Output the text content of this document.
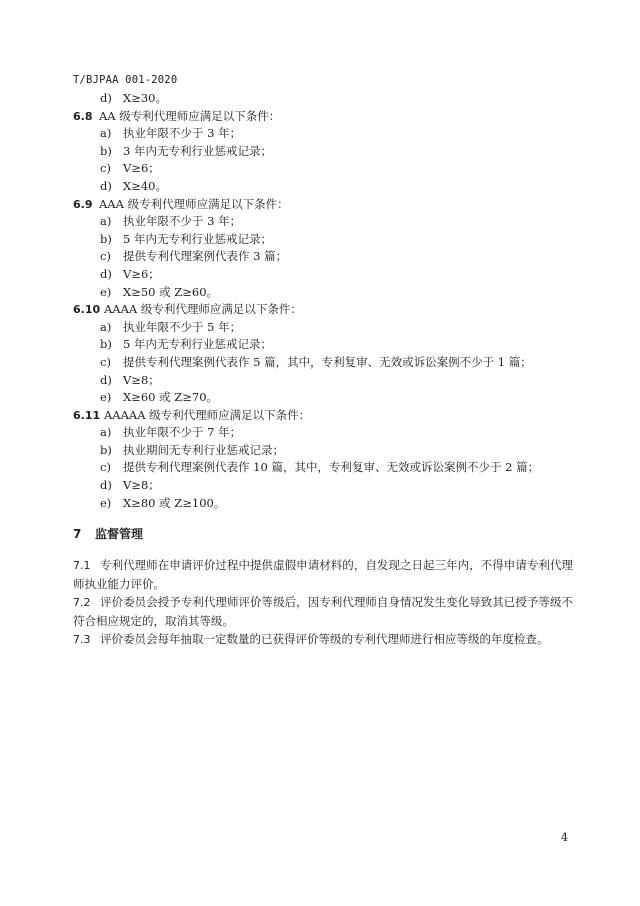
T/BJPAA 001-2020
d) X≥30。
6.8 AA 级专利代理师应满足以下条件：
a) 执业年限不少于 3 年；
b) 3 年内无专利行业惩戒记录；
c) V≥6；
d) X≥40。
6.9 AAA 级专利代理师应满足以下条件：
a) 执业年限不少于 3 年；
b) 5 年内无专利行业惩戒记录；
c) 提供专利代理案例代表作 3 篇；
d) V≥6；
e) X≥50 或 Z≥60。
6.10 AAAA 级专利代理师应满足以下条件：
a) 执业年限不少于 5 年；
b) 5 年内无专利行业惩戒记录；
c) 提供专利代理案例代表作 5 篇，其中，专利复审、无效或诉讼案例不少于 1 篇；
d) V≥8；
e) X≥60 或 Z≥70。
6.11 AAAAA 级专利代理师应满足以下条件：
a) 执业年限不少于 7 年；
b) 执业期间无专利行业惩戒记录；
c) 提供专利代理案例代表作 10 篇，其中，专利复审、无效或诉讼案例不少于 2 篇；
d) V≥8；
e) X≥80 或 Z≥100。
7 监督管理
7.1 专利代理师在申请评价过程中提供虚假申请材料的，自发现之日起三年内，不得申请专利代理师执业能力评价。
7.2 评价委员会授予专利代理师评价等级后，因专利代理师自身情况发生变化导致其已授予等级不符合相应规定的，取消其等级。
7.3 评价委员会每年抽取一定数量的已获得评价等级的专利代理师进行相应等级的年度检查。
4
